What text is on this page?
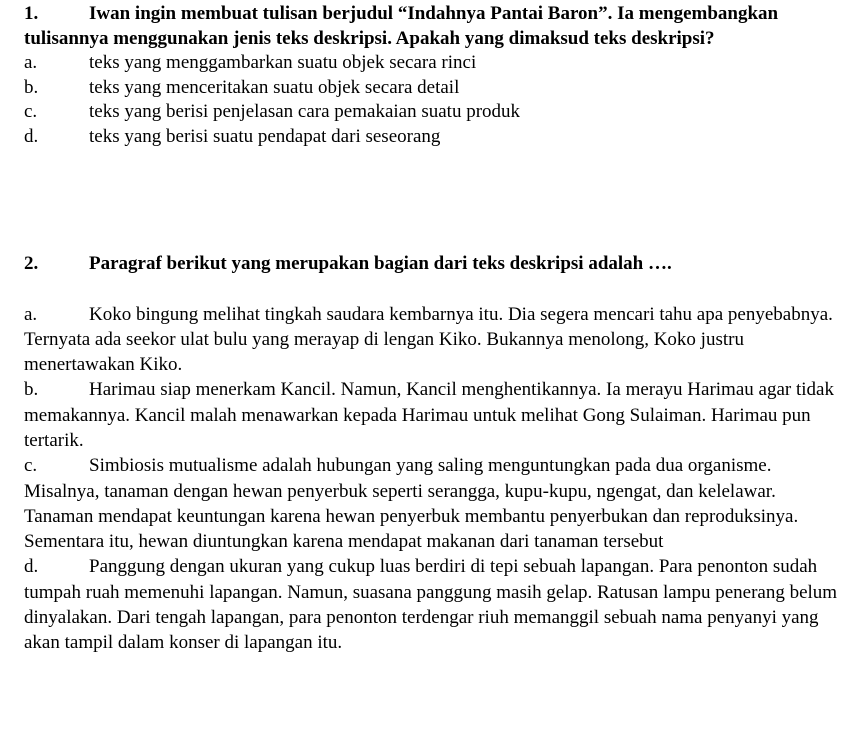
1.	Iwan ingin membuat tulisan berjudul “Indahnya Pantai Baron”. Ia mengembangkan tulisannya menggunakan jenis teks deskripsi. Apakah yang dimaksud teks deskripsi?
a.	teks yang menggambarkan suatu objek secara rinci
b.	teks yang menceritakan suatu objek secara detail
c.	teks yang berisi penjelasan cara pemakaian suatu produk
d.	teks yang berisi suatu pendapat dari seseorang
2.	Paragraf berikut yang merupakan bagian dari teks deskripsi adalah ….
a.	Koko bingung melihat tingkah saudara kembarnya itu. Dia segera mencari tahu apa penyebabnya. Ternyata ada seekor ulat bulu yang merayap di lengan Kiko. Bukannya menolong, Koko justru menertawakan Kiko.
b.	Harimau siap menerkam Kancil. Namun, Kancil menghentikannya. Ia merayu Harimau agar tidak memakannya. Kancil malah menawarkan kepada Harimau untuk melihat Gong Sulaiman. Harimau pun tertarik.
c.	Simbiosis mutualisme adalah hubungan yang saling menguntungkan pada dua organisme. Misalnya, tanaman dengan hewan penyerbuk seperti serangga, kupu-kupu, ngengat, dan kelelawar. Tanaman mendapat keuntungan karena hewan penyerbuk membantu penyerbukan dan reproduksinya. Sementara itu, hewan diuntungkan karena mendapat makanan dari tanaman tersebut
d.	Panggung dengan ukuran yang cukup luas berdiri di tepi sebuah lapangan. Para penonton sudah tumpah ruah memenuhi lapangan. Namun, suasana panggung masih gelap. Ratusan lampu penerang belum dinyalakan. Dari tengah lapangan, para penonton terdengar riuh memanggil sebuah nama penyanyi yang akan tampil dalam konser di lapangan itu.
